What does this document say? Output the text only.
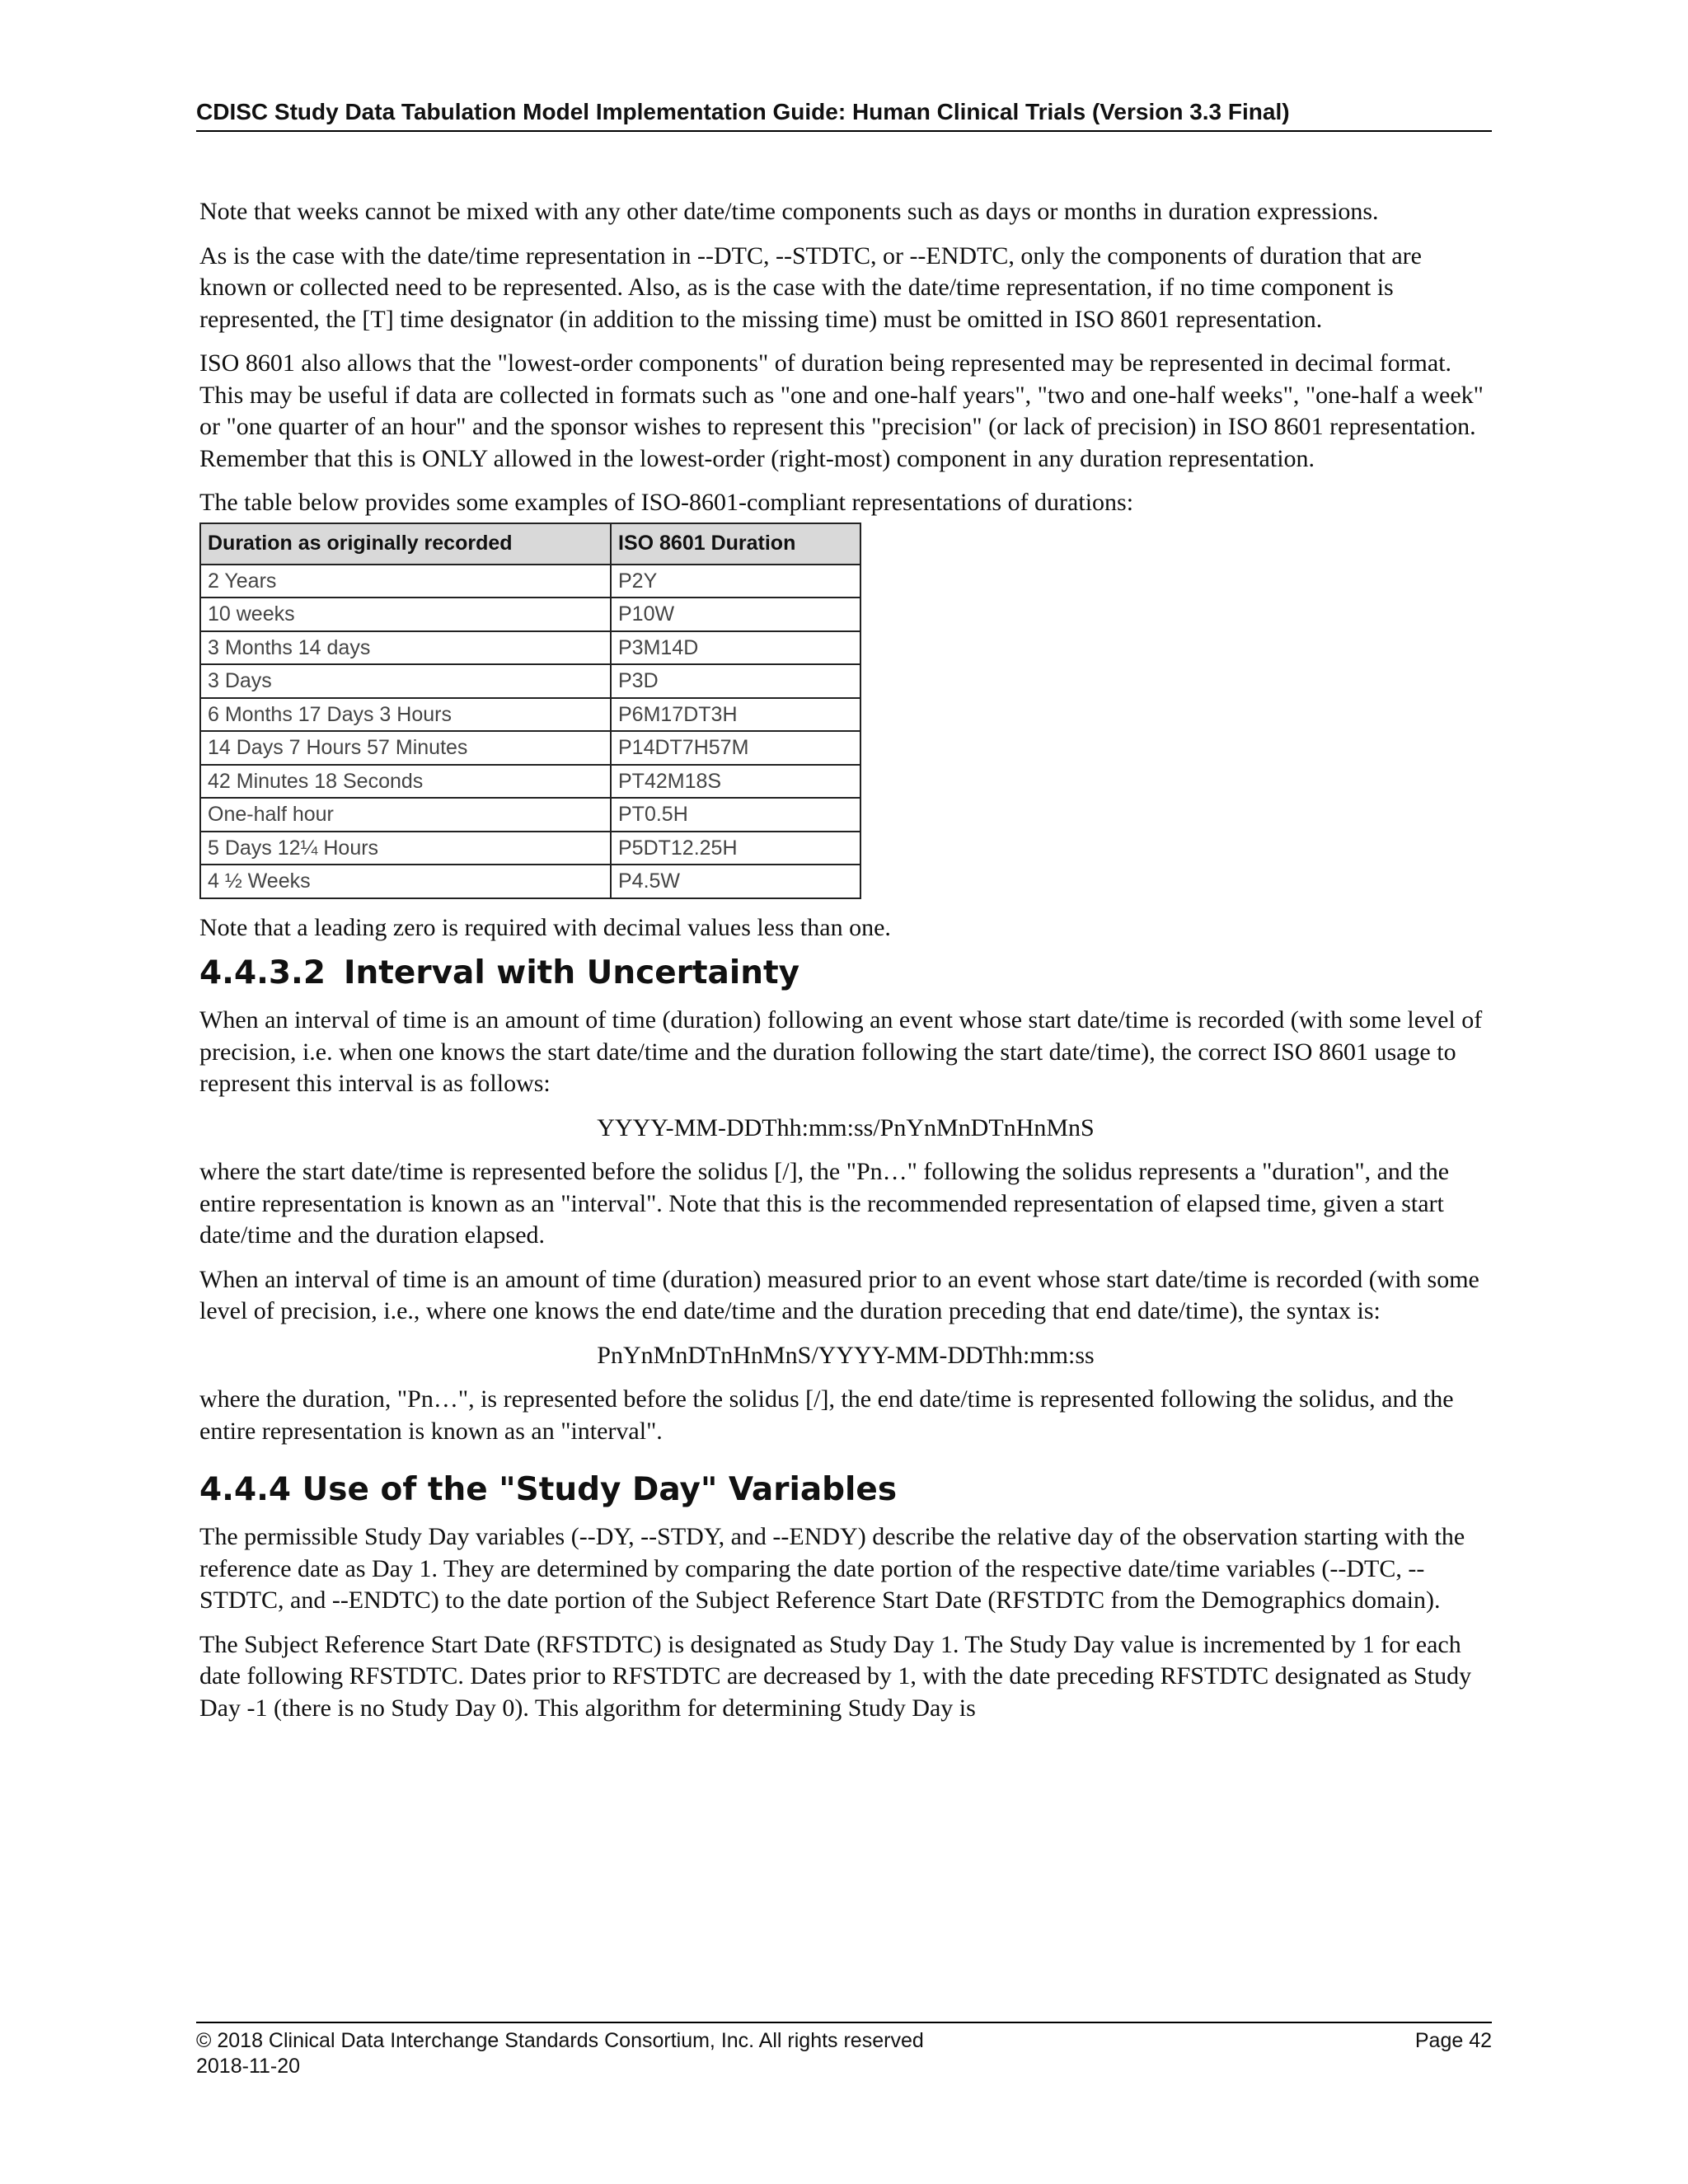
CDISC Study Data Tabulation Model Implementation Guide: Human Clinical Trials (Version 3.3 Final)

Note that weeks cannot be mixed with any other date/time components such as days or months in duration expressions.

As is the case with the date/time representation in --DTC, --STDTC, or --ENDTC, only the components of duration that are known or collected need to be represented. Also, as is the case with the date/time representation, if no time component is represented, the [T] time designator (in addition to the missing time) must be omitted in ISO 8601 representation.

ISO 8601 also allows that the "lowest-order components" of duration being represented may be represented in decimal format. This may be useful if data are collected in formats such as "one and one-half years", "two and one-half weeks", "one-half a week" or "one quarter of an hour" and the sponsor wishes to represent this "precision" (or lack of precision) in ISO 8601 representation. Remember that this is ONLY allowed in the lowest-order (right-most) component in any duration representation.

The table below provides some examples of ISO-8601-compliant representations of durations:

Duration as originally recorded	ISO 8601 Duration
2 Years	P2Y
10 weeks	P10W
3 Months 14 days	P3M14D
3 Days	P3D
6 Months 17 Days 3 Hours	P6M17DT3H
14 Days 7 Hours 57 Minutes	P14DT7H57M
42 Minutes 18 Seconds	PT42M18S
One-half hour	PT0.5H
5 Days 12¼ Hours	P5DT12.25H
4 ½ Weeks	P4.5W

Note that a leading zero is required with decimal values less than one.

4.4.3.2 Interval with Uncertainty

When an interval of time is an amount of time (duration) following an event whose start date/time is recorded (with some level of precision, i.e. when one knows the start date/time and the duration following the start date/time), the correct ISO 8601 usage to represent this interval is as follows:

YYYY-MM-DDThh:mm:ss/PnYnMnDTnHnMnS

where the start date/time is represented before the solidus [/], the "Pn…" following the solidus represents a "duration", and the entire representation is known as an "interval". Note that this is the recommended representation of elapsed time, given a start date/time and the duration elapsed.

When an interval of time is an amount of time (duration) measured prior to an event whose start date/time is recorded (with some level of precision, i.e., where one knows the end date/time and the duration preceding that end date/time), the syntax is:

PnYnMnDTnHnMnS/YYYY-MM-DDThh:mm:ss

where the duration, "Pn…", is represented before the solidus [/], the end date/time is represented following the solidus, and the entire representation is known as an "interval".

4.4.4 Use of the "Study Day" Variables

The permissible Study Day variables (--DY, --STDY, and --ENDY) describe the relative day of the observation starting with the reference date as Day 1. They are determined by comparing the date portion of the respective date/time variables (--DTC, --STDTC, and --ENDTC) to the date portion of the Subject Reference Start Date (RFSTDTC from the Demographics domain).

The Subject Reference Start Date (RFSTDTC) is designated as Study Day 1. The Study Day value is incremented by 1 for each date following RFSTDTC. Dates prior to RFSTDTC are decreased by 1, with the date preceding RFSTDTC designated as Study Day -1 (there is no Study Day 0). This algorithm for determining Study Day is

© 2018 Clinical Data Interchange Standards Consortium, Inc. All rights reserved	Page 42
2018-11-20
